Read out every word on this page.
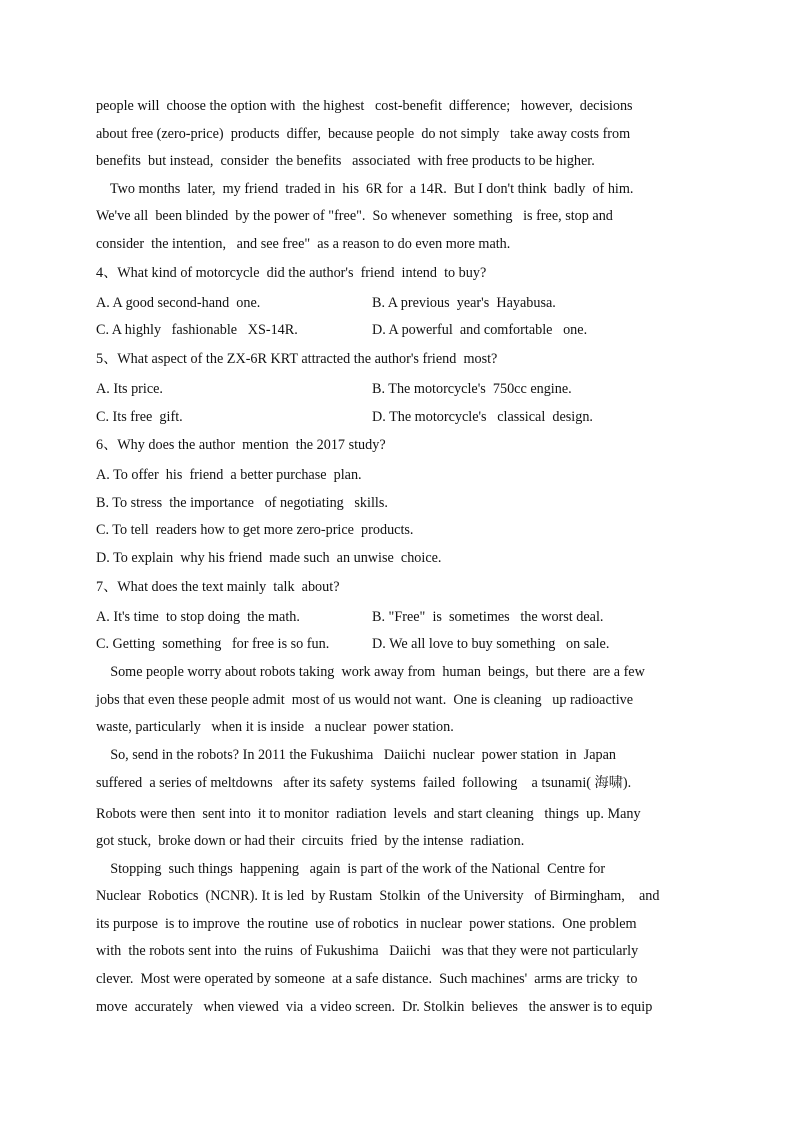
people will  choose the option with  the highest   cost-benefit  difference;   however,  decisions
about free (zero-price)  products  differ,  because people  do not simply   take away costs from
benefits  but instead,  consider  the benefits   associated  with free products to be higher.
Two months  later,  my friend  traded in  his  6R for  a 14R.  But I don't think  badly  of him.
We've all  been blinded  by the power of "free".  So whenever  something   is free, stop and
consider  the intention,   and see free"  as a reason to do even more math.
4、What kind of motorcycle  did the author's  friend  intend  to buy?
A. A good second-hand  one.	B. A previous  year's  Hayabusa.
C. A highly   fashionable   XS-14R.	D. A powerful  and comfortable   one.
5、What aspect of the ZX-6R KRT attracted the author's friend  most?
A. Its price.	B. The motorcycle's  750cc engine.
C. Its free  gift.	D. The motorcycle's   classical  design.
6、Why does the author  mention  the 2017 study?
A. To offer  his  friend  a better purchase  plan.
B. To stress  the importance   of negotiating   skills.
C. To tell  readers how to get more zero-price  products.
D. To explain  why his friend  made such  an unwise  choice.
7、What does the text mainly  talk  about?
A. It's time  to stop doing  the math.	B. "Free"  is  sometimes   the worst deal.
C. Getting  something   for free is so fun.	D. We all love to buy something   on sale.
Some people worry about robots taking  work away from  human  beings,  but there  are a few
jobs that even these people admit  most of us would not want.  One is cleaning   up radioactive
waste, particularly   when it is inside   a nuclear  power station.
So, send in the robots? In 2011 the Fukushima   Daiichi  nuclear  power station  in  Japan
suffered  a series of meltdowns   after its safety  systems  failed  following    a tsunami( 海啸).
Robots were then  sent into  it to monitor  radiation  levels  and start cleaning   things  up. Many
got stuck,  broke down or had their  circuits  fried  by the intense  radiation.
Stopping  such things  happening   again  is part of the work of the National  Centre for
Nuclear  Robotics  (NCNR). It is led  by Rustam  Stolkin  of the University   of Birmingham,    and
its purpose  is to improve  the routine  use of robotics  in nuclear  power stations.  One problem
with  the robots sent into  the ruins  of Fukushima   Daiichi   was that they were not particularly
clever.  Most were operated by someone  at a safe distance.  Such machines'  arms are tricky  to
move  accurately   when viewed  via  a video screen.  Dr. Stolkin  believes   the answer is to equip
